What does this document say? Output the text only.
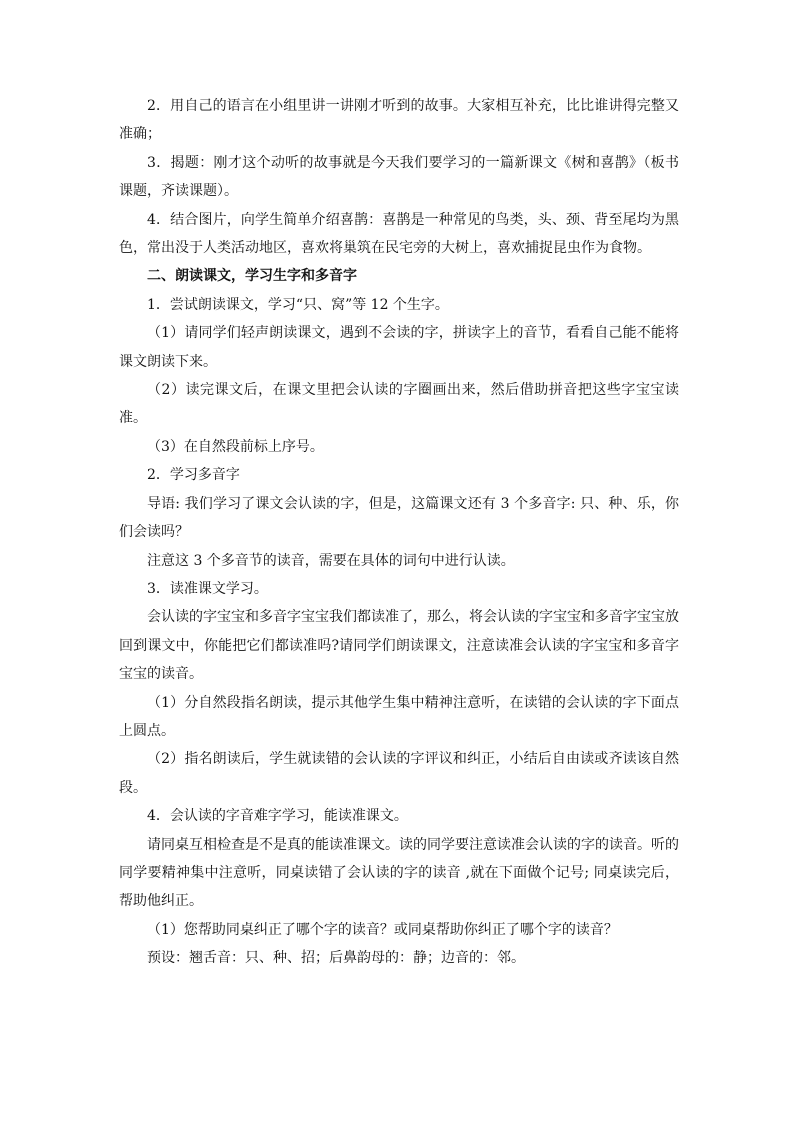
2．用自己的语言在小组里讲一讲刚才听到的故事。大家相互补充，比比谁讲得完整又准确；

3．揭题：刚才这个动听的故事就是今天我们要学习的一篇新课文《树和喜鹊》（板书课题，齐读课题）。

4．结合图片，向学生简单介绍喜鹊：喜鹊是一种常见的鸟类，头、颈、背至尾均为黑色，常出没于人类活动地区，喜欢将巢筑在民宅旁的大树上，喜欢捕捉昆虫作为食物。

二、朗读课文，学习生字和多音字

1．尝试朗读课文，学习“只、窝”等 12 个生字。

（1）请同学们轻声朗读课文，遇到不会读的字，拼读字上的音节，看看自己能不能将课文朗读下来。

（2）读完课文后，在课文里把会认读的字圈画出来，然后借助拼音把这些字宝宝读准。

（3）在自然段前标上序号。

2．学习多音字

导语: 我们学习了课文会认读的字，但是，这篇课文还有 3 个多音字: 只、种、乐，你们会读吗？

注意这 3 个多音节的读音，需要在具体的词句中进行认读。

3．读准课文学习。

会认读的字宝宝和多音字宝宝我们都读准了，那么，将会认读的字宝宝和多音字宝宝放回到课文中，你能把它们都读准吗?请同学们朗读课文，注意读准会认读的字宝宝和多音字宝宝的读音。

（1）分自然段指名朗读，提示其他学生集中精神注意听，在读错的会认读的字下面点上圆点。

（2）指名朗读后，学生就读错的会认读的字评议和纠正，小结后自由读或齐读该自然段。

4．会认读的字音难字学习，能读准课文。

请同桌互相检查是不是真的能读准课文。读的同学要注意读准会认读的字的读音。听的同学要精神集中注意听，同桌读错了会认读的字的读音 ,就在下面做个记号; 同桌读完后，帮助他纠正。

（1）您帮助同桌纠正了哪个字的读音？或同桌帮助你纠正了哪个字的读音？

预设：翘舌音：只、种、招；后鼻韵母的：静；边音的：邻。
